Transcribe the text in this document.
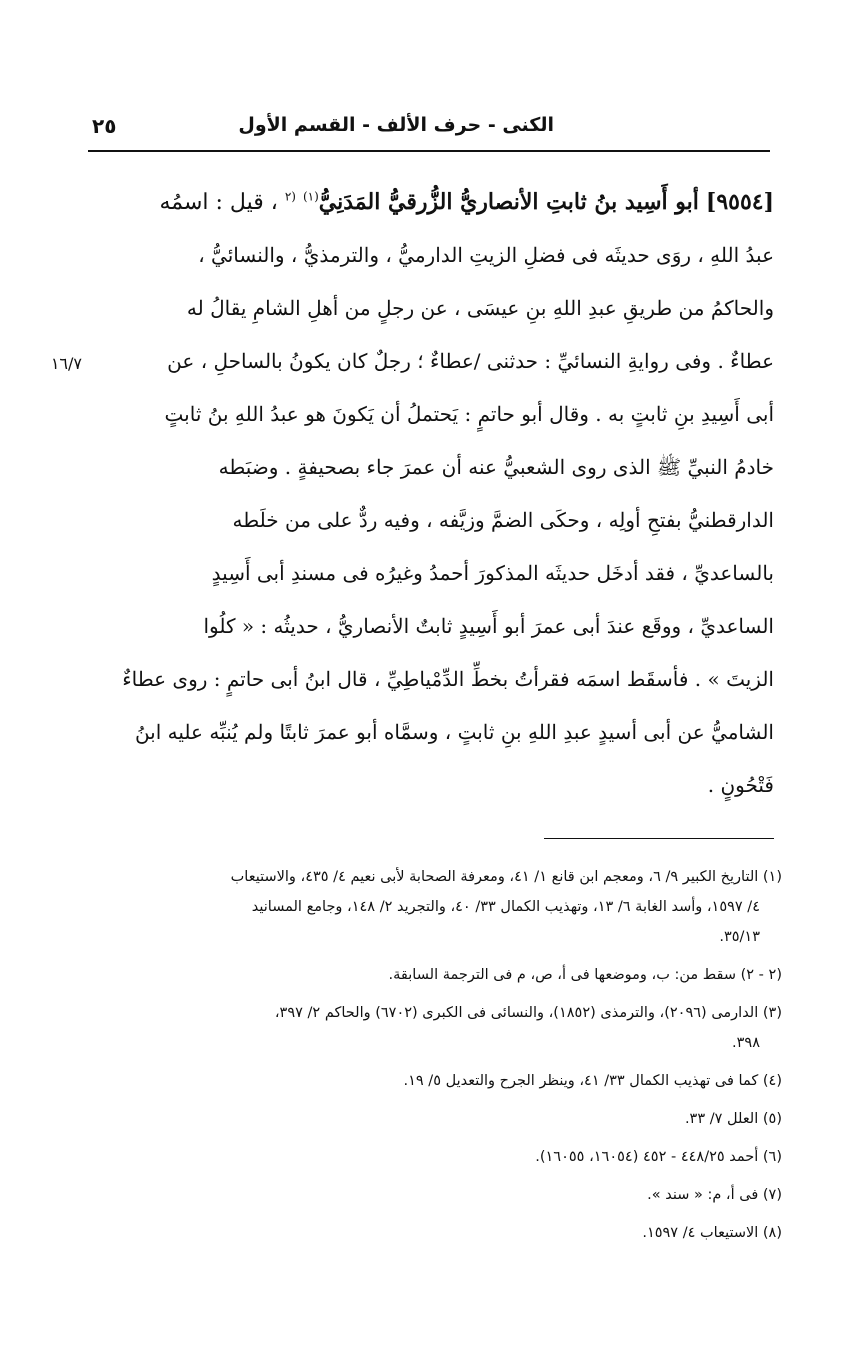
الكنى - حرف الألف - القسم الأول
٢٥
١٦/٧
[٩٥٥٤] أبو أَسِيد بنُ ثابتِ الأنصاريُّ الزُّرقيُّ المَدَنِيُّ$^{(١)}$ $^{(٢}$ ، قيل : اسمُه
عبدُ اللهِ ، روَى حديثَه فى فضلِ الزيتِ الدارميُّ ، والترمذيُّ ، والنسائيُّ ،
والحاكمُ من طريقِ عبدِ اللهِ بنِ عيسَى ، عن رجلٍ من أهلِ الشامِ يقالُ له
عطاءٌ . وفى روايةِ النسائيِّ : حدثنى /عطاءٌ ؛ رجلٌ كان يكونُ بالساحلِ ، عن
أبى أَسِيدِ بنِ ثابتٍ به . وقال أبو حاتمٍ : يَحتملُ أن يَكونَ هو عبدُ اللهِ بنُ ثابتٍ
خادمُ النبيِّ ﷺ الذى روى الشعبيُّ عنه أن عمرَ جاء بصحيفةٍ . وضبَطه
الدارقطنيُّ بفتحِ أولِه ، وحكَى الضمَّ وزيَّفه ، وفيه ردٌّ على من خلَطه
بالساعديِّ ، فقد أدخَل حديثَه المذكورَ أحمدُ وغيرُه فى مسندِ أبى أَسِيدٍ
الساعديِّ ، ووقَع عندَ أبى عمرَ أبو أَسِيدٍ ثابتٌ الأنصاريُّ ، حديثُه : « كلُوا
الزيتَ » . فأسقَط اسمَه فقرأتُ بخطِّ الدِّمْياطِيِّ ، قال ابنُ أبى حاتمٍ : روى عطاءٌ
الشاميُّ عن أبى أسيدٍ عبدِ اللهِ بنِ ثابتٍ ، وسمَّاه أبو عمرَ ثابتًا ولم يُنبِّه عليه ابنُ
فَتْحُونٍ .
(١) التاريخ الكبير ٩/ ٦، ومعجم ابن قانع ١/ ٤١، ومعرفة الصحابة لأبى نعيم ٤/ ٤٣٥، والاستيعاب
٤/ ١٥٩٧، وأسد الغابة ٦/ ١٣، وتهذيب الكمال ٣٣/ ٤٠، والتجريد ٢/ ١٤٨، وجامع المسانيد
٣٥/١٣.
(٢ - ٢) سقط من: ب، وموضعها فى أ، ص، م فى الترجمة السابقة.
(٣) الدارمى (٢٠٩٦)، والترمذى (١٨٥٢)، والنسائى فى الكبرى (٦٧٠٢) والحاكم ٢/ ٣٩٧،
٣٩٨.
(٤) كما فى تهذيب الكمال ٣٣/ ٤١، وينظر الجرح والتعديل ٥/ ١٩.
(٥) العلل ٧/ ٣٣.
(٦) أحمد ٤٤٨/٢٥ - ٤٥٢ (١٦٠٥٤، ١٦٠٥٥).
(٧) فى أ، م: « سند ».
(٨) الاستيعاب ٤/ ١٥٩٧.
